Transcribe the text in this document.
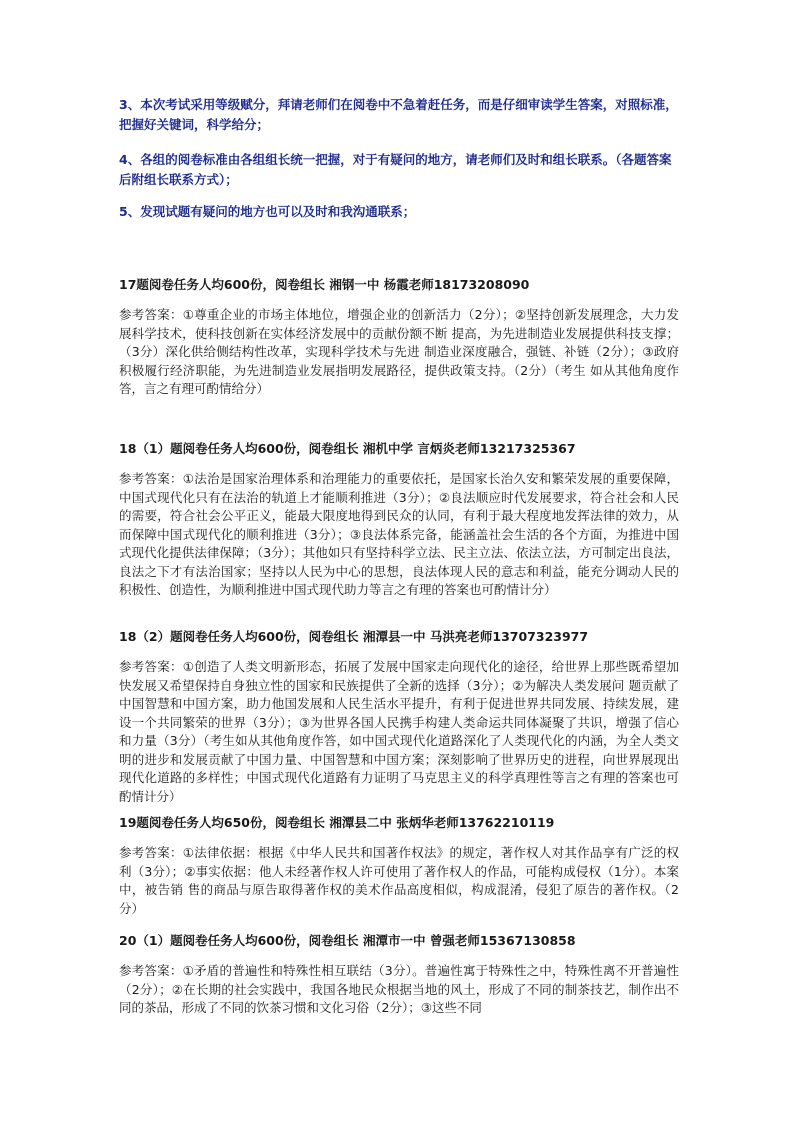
3、本次考试采用等级赋分，拜请老师们在阅卷中不急着赶任务，而是仔细审读学生答案，对照标准，把握好关键词，科学给分；

4、各组的阅卷标准由各组组长统一把握，对于有疑问的地方，请老师们及时和组长联系。（各题答案后附组长联系方式）；

5、发现试题有疑问的地方也可以及时和我沟通联系；

17题阅卷任务人均600份，阅卷组长 湘钢一中 杨霞老师18173208090

参考答案：①尊重企业的市场主体地位，增强企业的创新活力（2分）；②坚持创新发展理念，大力发展科学技术，使科技创新在实体经济发展中的贡献份额不断 提高，为先进制造业发展提供科技支撑；（3分）深化供给侧结构性改革，实现科学技术与先进 制造业深度融合，强链、补链（2分）；③政府积极履行经济职能，为先进制造业发展指明发展路径，提供政策支持。（2分）（考生 如从其他角度作答，言之有理可酌情给分）

18（1）题阅卷任务人均600份，阅卷组长 湘机中学 言炳炎老师13217325367

参考答案：①法治是国家治理体系和治理能力的重要依托，是国家长治久安和繁荣发展的重要保障，中国式现代化只有在法治的轨道上才能顺利推进（3分）；②良法顺应时代发展要求，符合社会和人民的需要，符合社会公平正义，能最大限度地得到民众的认同，有利于最大程度地发挥法律的效力，从而保障中国式现代化的顺利推进（3分）；③良法体系完备，能涵盖社会生活的各个方面，为推进中国式现代化提供法律保障；（3分）；其他如只有坚持科学立法、民主立法、依法立法，方可制定出良法，良法之下才有法治国家；坚持以人民为中心的思想，良法体现人民的意志和利益，能充分调动人民的积极性、创造性，为顺利推进中国式现代助力等言之有理的答案也可酌情计分）

18（2）题阅卷任务人均600份，阅卷组长 湘潭县一中 马洪亮老师13707323977

参考答案：①创造了人类文明新形态，拓展了发展中国家走向现代化的途径，给世界上那些既希望加快发展又希望保持自身独立性的国家和民族提供了全新的选择（3分）；②为解决人类发展问 题贡献了中国智慧和中国方案，助力他国发展和人民生活水平提升，有利于促进世界共同发展、持续发展，建设一个共同繁荣的世界（3分）；③为世界各国人民携手构建人类命运共同体凝聚了共识，增强了信心和力量（3分）（考生如从其他角度作答，如中国式现代化道路深化了人类现代化的内涵，为全人类文明的进步和发展贡献了中国力量、中国智慧和中国方案；深刻影响了世界历史的进程，向世界展现出现代化道路的多样性；中国式现代化道路有力证明了马克思主义的科学真理性等言之有理的答案也可酌情计分）

19题阅卷任务人均650份，阅卷组长 湘潭县二中 张炳华老师13762210119

参考答案：①法律依据：根据《中华人民共和国著作权法》的规定，著作权人对其作品享有广泛的权利（3分）；②事实依据：他人未经著作权人许可使用了著作权人的作品，可能构成侵权（1分）。本案中，被告销 售的商品与原告取得著作权的美术作品高度相似，构成混淆，侵犯了原告的著作权。（2分）

20（1）题阅卷任务人均600份，阅卷组长 湘潭市一中 曾强老师15367130858

参考答案：①矛盾的普遍性和特殊性相互联结（3分）。普遍性寓于特殊性之中，特殊性离不开普遍性（2分）；②在长期的社会实践中，我国各地民众根据当地的风土，形成了不同的制茶技艺，制作出不同的茶品，形成了不同的饮茶习惯和文化习俗（2分）；③这些不同
